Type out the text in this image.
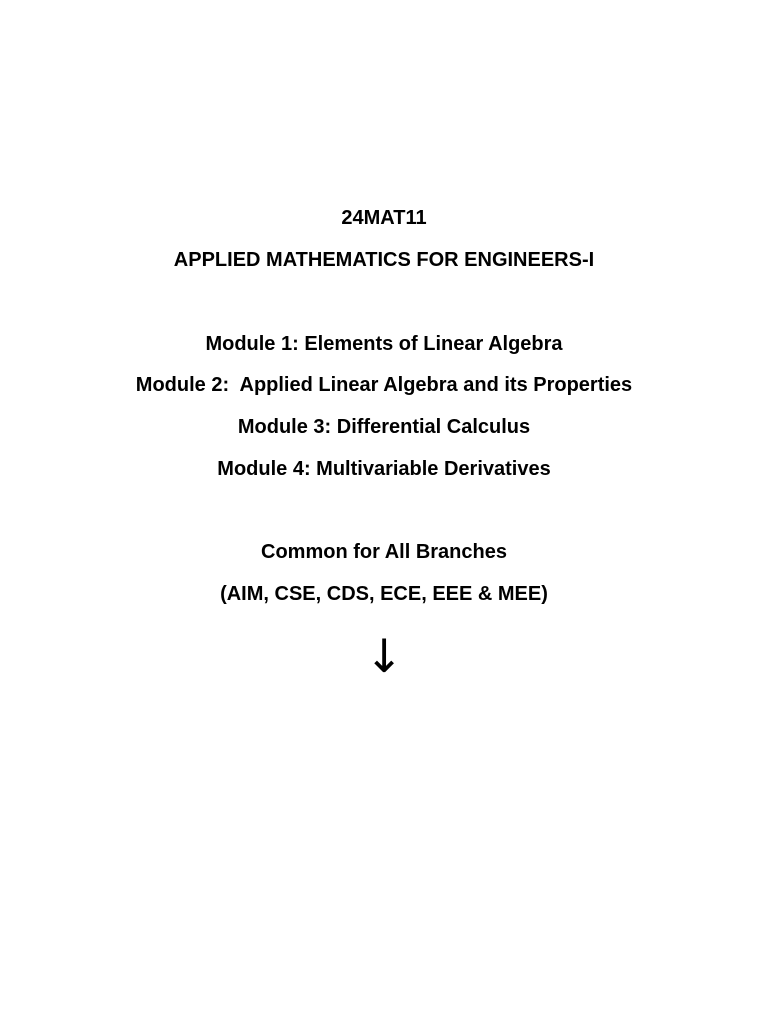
24MAT11
APPLIED MATHEMATICS FOR ENGINEERS-I
Module 1: Elements of Linear Algebra
Module 2:  Applied Linear Algebra and its Properties
Module 3: Differential Calculus
Module 4: Multivariable Derivatives
Common for All Branches
(AIM, CSE, CDS, ECE, EEE & MEE)
↓
